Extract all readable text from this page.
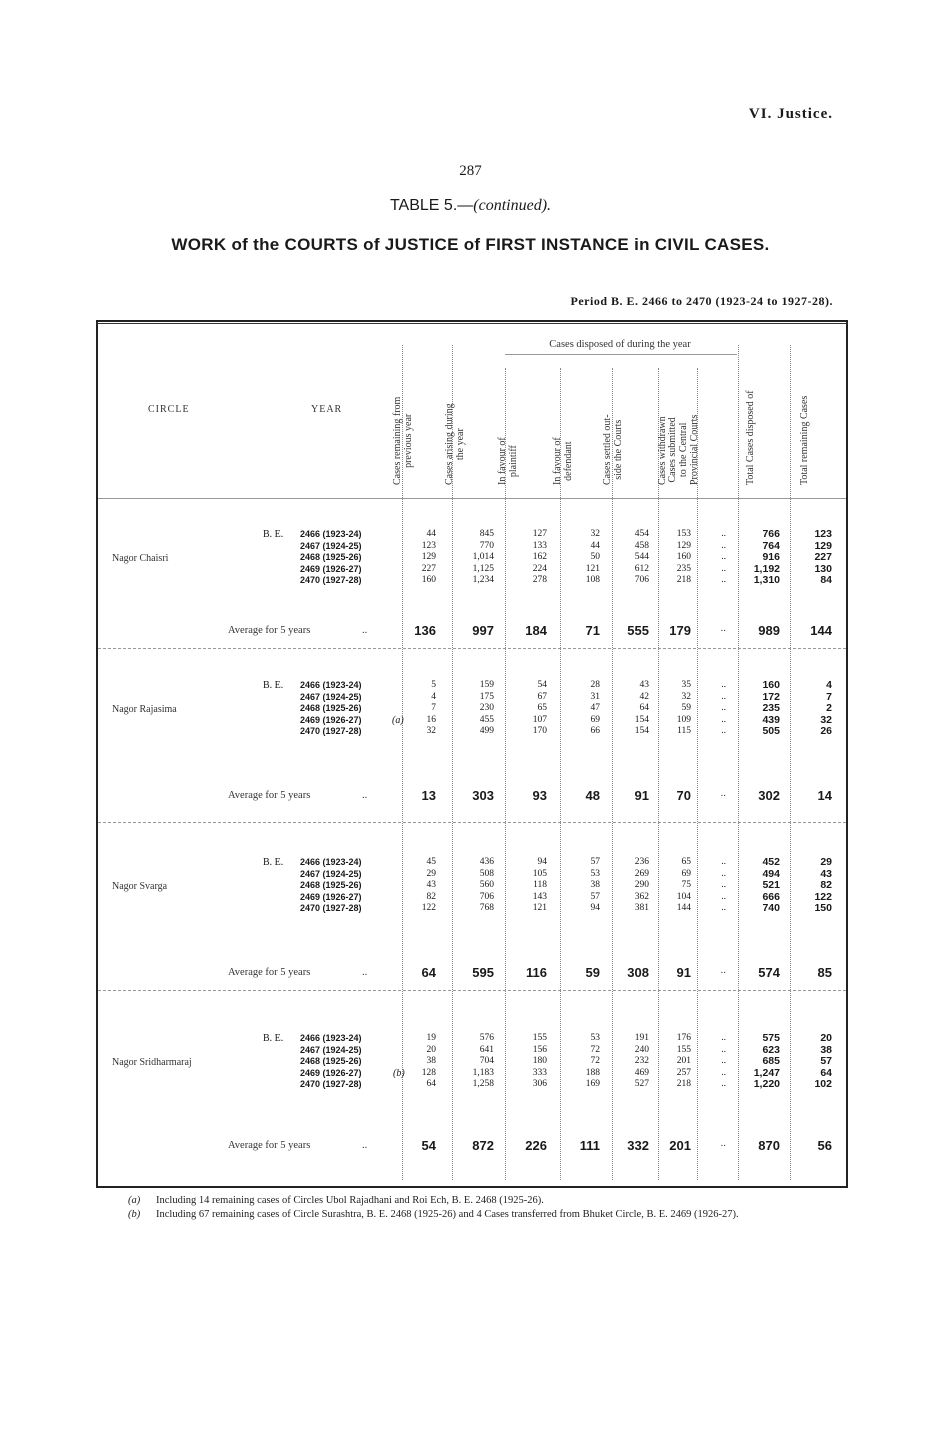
VI. Justice.
287
TABLE 5.—(continued).
WORK of the COURTS of JUSTICE of FIRST INSTANCE in CIVIL CASES.
Period B. E. 2466 to 2470 (1923-24 to 1927-28).
CIRCLE	YEAR
Cases disposed of during the year
Cases remaining from previous year	Cases arising during the year	In favour of plaintiff	In favour of defendant	Cases settled out- side the Courts	Cases withdrawn Cases submitted to the Central Provincial Courts	Total Cases disposed of	Total remaining Cases
Nagor Chaisri
B. E. 2466 (1923-24)	44	845	127	32	454	153	..	766	123
2467 (1924-25)	123	770	133	44	458	129	..	764	129
2468 (1925-26)	129	1,014	162	50	544	160	..	916	227
2469 (1926-27)	227	1,125	224	121	612	235	..	1,192	130
2470 (1927-28)	160	1,234	278	108	706	218	..	1,310	84
Average for 5 years	..	136	997	184	71	555	179	..	989	144
Nagor Rajasima
(a)
B. E. 2466 (1923-24)	5	159	54	28	43	35	..	160	4
2467 (1924-25)	4	175	67	31	42	32	..	172	7
2468 (1925-26)	7	230	65	47	64	59	..	235	2
2469 (1926-27)	16	455	107	69	154	109	..	439	32
2470 (1927-28)	32	499	170	66	154	115	..	505	26
Average for 5 years	..	13	303	93	48	91	70	..	302	14
Nagor Svarga
B. E. 2466 (1923-24)	45	436	94	57	236	65	..	452	29
2467 (1924-25)	29	508	105	53	269	69	..	494	43
2468 (1925-26)	43	560	118	38	290	75	..	521	82
2469 (1926-27)	82	706	143	57	362	104	..	666	122
2470 (1927-28)	122	768	121	94	381	144	..	740	150
Average for 5 years	..	64	595	116	59	308	91	..	574	85
Nagor Sridharmaraj
(b)
B. E. 2466 (1923-24)	19	576	155	53	191	176	..	575	20
2467 (1924-25)	20	641	156	72	240	155	..	623	38
2468 (1925-26)	38	704	180	72	232	201	..	685	57
2469 (1926-27)	128	1,183	333	188	469	257	..	1,247	64
2470 (1927-28)	64	1,258	306	169	527	218	..	1,220	102
Average for 5 years	..	54	872	226	111	332	201	..	870	56
(a) Including 14 remaining cases of Circles Ubol Rajadhani and Roi Ech, B. E. 2468 (1925-26).
(b) Including 67 remaining cases of Circle Surashtra, B. E. 2468 (1925-26) and 4 Cases transferred from Bhuket Circle, B. E. 2469 (1926-27).
